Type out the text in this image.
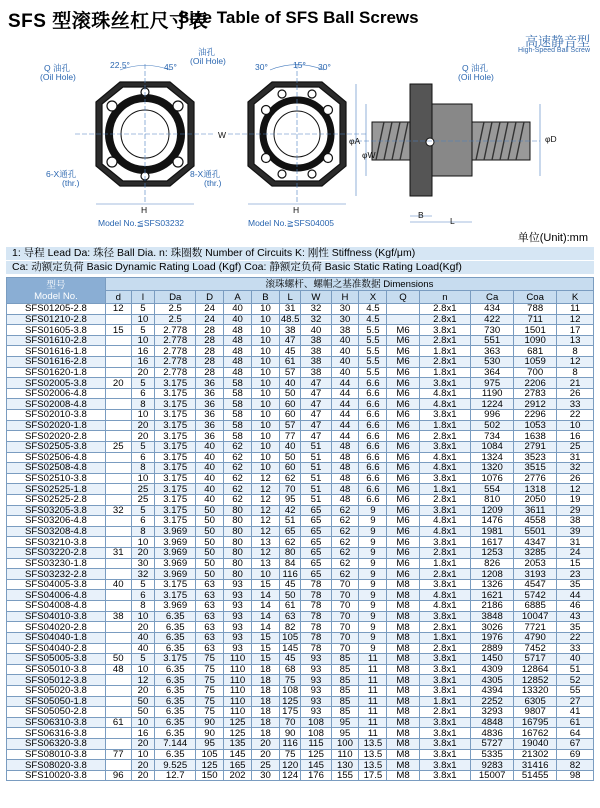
SFS 型滚珠丝杠尺寸表
Size Table of SFS Ball Screws
高速静音型
High-Speed Ball Screw
Q 油孔
(Oil Hole)
22.5°	45°
油孔
(Oil Hole)
30°	15° 30°
6-X通孔
(thr.)
8-X通孔
(thr.)
Model No.≦SFS03232	Model No.≧SFS04005
H	H
W
Q 油孔
(Oil Hole)
φA
φW
φD
B
L
单位(Unit):mm
1: 导程 Lead Da: 珠径 Ball Dia. n: 珠圈数 Number of Circuits K: 刚性 Stiffness (Kgf/μm)
Ca: 动额定负荷 Basic Dynamic Rating Load (Kgf) Coa: 静额定负荷 Basic Static Rating Load(Kgf)
型号
Model No.	滚珠螺杆、螺帽之基准数据 Dimensions														
	d	l	Da	D	A	B	L	W	H	X	Q	n	Ca	Coa	K
SFS01205-2.8	12	5	2.5	24	40	10	31	32	30	4.5		2.8x1	434	788	11
SFS01210-2.8		10	2.5	24	40	10	48.5	32	30	4.5		2.8x1	422	711	12
SFS01605-3.8	15	5	2.778	28	48	10	38	40	38	5.5	M6	3.8x1	730	1501	17
SFS01610-2.8		10	2.778	28	48	10	47	38	40	5.5	M6	2.8x1	551	1090	13
SFS01616-1.8		16	2.778	28	48	10	45	38	40	5.5	M6	1.8x1	363	681	8
SFS01616-2.8		16	2.778	28	48	10	61	38	40	5.5	M6	2.8x1	530	1059	12
SFS01620-1.8		20	2.778	28	48	10	57	38	40	5.5	M6	1.8x1	364	700	8
SFS02005-3.8	20	5	3.175	36	58	10	40	47	44	6.6	M6	3.8x1	975	2206	21
SFS02006-4.8		6	3.175	36	58	10	50	47	44	6.6	M6	4.8x1	1190	2783	26
SFS02008-4.8		8	3.175	36	58	10	60	47	44	6.6	M6	4.8x1	1224	2912	33
SFS02010-3.8		10	3.175	36	58	10	60	47	44	6.6	M6	3.8x1	996	2296	22
SFS02020-1.8		20	3.175	36	58	10	57	47	44	6.6	M6	1.8x1	502	1053	10
SFS02020-2.8		20	3.175	36	58	10	77	47	44	6.6	M6	2.8x1	734	1638	16
SFS02505-3.8	25	5	3.175	40	62	10	40	51	48	6.6	M6	3.8x1	1084	2791	25
SFS02506-4.8		6	3.175	40	62	10	50	51	48	6.6	M6	4.8x1	1324	3523	31
SFS02508-4.8		8	3.175	40	62	10	60	51	48	6.6	M6	4.8x1	1320	3515	32
SFS02510-3.8		10	3.175	40	62	12	62	51	48	6.6	M6	3.8x1	1076	2776	26
SFS02525-1.8		25	3.175	40	62	12	70	51	48	6.6	M6	1.8x1	554	1318	12
SFS02525-2.8		25	3.175	40	62	12	95	51	48	6.6	M6	2.8x1	810	2050	19
SFS03205-3.8	32	5	3.175	50	80	12	42	65	62	9	M6	3.8x1	1209	3611	29
SFS03206-4.8		6	3.175	50	80	12	51	65	62	9	M6	4.8x1	1476	4558	38
SFS03208-4.8		8	3.969	50	80	12	65	65	62	9	M6	4.8x1	1981	5501	39
SFS03210-3.8		10	3.969	50	80	13	62	65	62	9	M6	3.8x1	1617	4347	31
SFS03220-2.8	31	20	3.969	50	80	12	80	65	62	9	M6	2.8x1	1253	3285	24
SFS03230-1.8		30	3.969	50	80	13	84	65	62	9	M6	1.8x1	826	2053	15
SFS03232-2.8		32	3.969	50	80	10	116	65	62	9	M6	2.8x1	1208	3193	23
SFS04005-3.8	40	5	3.175	63	93	15	45	78	70	9	M8	3.8x1	1326	4547	35
SFS04006-4.8		6	3.175	63	93	14	50	78	70	9	M8	4.8x1	1621	5742	44
SFS04008-4.8		8	3.969	63	93	14	61	78	70	9	M8	4.8x1	2186	6885	46
SFS04010-3.8	38	10	6.35	63	93	14	63	78	70	9	M8	3.8x1	3848	10047	43
SFS04020-2.8		20	6.35	63	93	14	82	78	70	9	M8	2.8x1	3026	7721	35
SFS04040-1.8		40	6.35	63	93	15	105	78	70	9	M8	1.8x1	1976	4790	22
SFS04040-2.8		40	6.35	63	93	15	145	78	70	9	M8	2.8x1	2889	7452	33
SFS05005-3.8	50	5	3.175	75	110	15	45	93	85	11	M8	3.8x1	1450	5717	40
SFS05010-3.8	48	10	6.35	75	110	18	68	93	85	11	M8	3.8x1	4309	12864	51
SFS05012-3.8		12	6.35	75	110	18	75	93	85	11	M8	3.8x1	4305	12852	52
SFS05020-3.8		20	6.35	75	110	18	108	93	85	11	M8	3.8x1	4394	13320	55
SFS05050-1.8		50	6.35	75	110	18	125	93	85	11	M8	1.8x1	2252	6305	27
SFS05050-2.8		50	6.35	75	110	18	175	93	85	11	M8	2.8x1	3293	9807	41
SFS06310-3.8	61	10	6.35	90	125	18	70	108	95	11	M8	3.8x1	4848	16795	61
SFS06316-3.8		16	6.35	90	125	18	90	108	95	11	M8	3.8x1	4836	16762	64
SFS06320-3.8		20	7.144	95	135	20	116	115	100	13.5	M8	3.8x1	5727	19040	67
SFS08010-3.8	77	10	6.35	105	145	20	75	125	110	13.5	M8	3.8x1	5335	21302	69
SFS08020-3.8		20	9.525	125	165	25	120	145	130	13.5	M8	3.8x1	9283	31416	82
SFS10020-3.8	96	20	12.7	150	202	30	124	176	155	17.5	M8	3.8x1	15007	51455	98
